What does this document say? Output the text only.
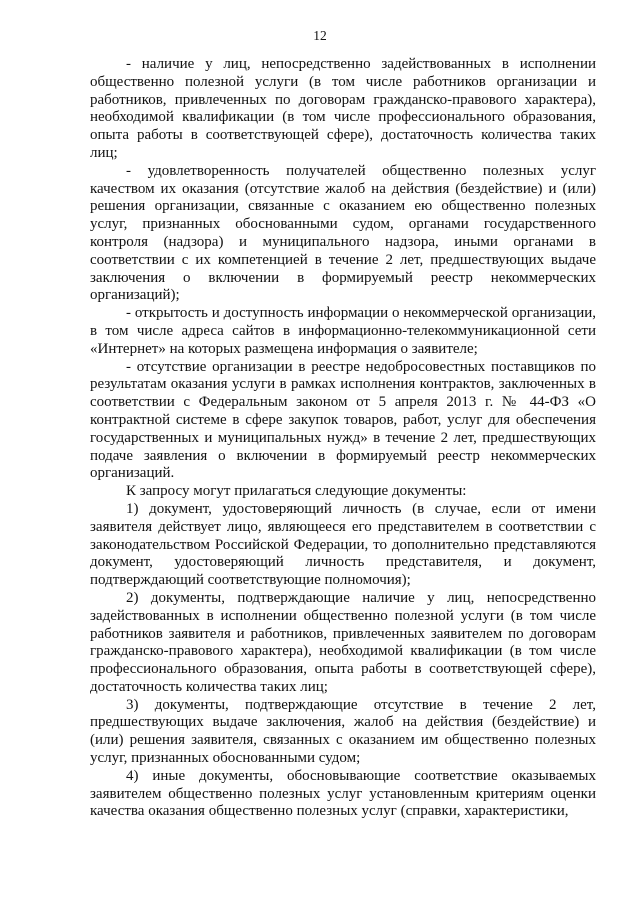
12

- наличие у лиц, непосредственно задействованных в исполнении общественно полезной услуги (в том числе работников организации и работников, привлеченных по договорам гражданско-правового характера), необходимой квалификации (в том числе профессионального образования, опыта работы в соответствующей сфере), достаточность количества таких лиц;

- удовлетворенность получателей общественно полезных услуг качеством их оказания (отсутствие жалоб на действия (бездействие) и (или) решения организации, связанные с оказанием ею общественно полезных услуг, признанных обоснованными судом, органами государственного контроля (надзора) и муниципального надзора, иными органами в соответствии с их компетенцией в течение 2 лет, предшествующих выдаче заключения о включении в формируемый реестр некоммерческих организаций);

- открытость и доступность информации о некоммерческой организации, в том числе адреса сайтов в информационно-телекоммуникационной сети «Интернет» на которых размещена информация о заявителе;

- отсутствие организации в реестре недобросовестных поставщиков по результатам оказания услуги в рамках исполнения контрактов, заключенных в соответствии с Федеральным законом от 5 апреля 2013 г. № 44-ФЗ «О контрактной системе в сфере закупок товаров, работ, услуг для обеспечения государственных и муниципальных нужд» в течение 2 лет, предшествующих подаче заявления о включении в формируемый реестр некоммерческих организаций.

К запросу могут прилагаться следующие документы:

1) документ, удостоверяющий личность (в случае, если от имени заявителя действует лицо, являющееся его представителем в соответствии с законодательством Российской Федерации, то дополнительно представляются документ, удостоверяющий личность представителя, и документ, подтверждающий соответствующие полномочия);

2) документы, подтверждающие наличие у лиц, непосредственно задействованных в исполнении общественно полезной услуги (в том числе работников заявителя и работников, привлеченных заявителем по договорам гражданско-правового характера), необходимой квалификации (в том числе профессионального образования, опыта работы в соответствующей сфере), достаточность количества таких лиц;

3) документы, подтверждающие отсутствие в течение 2 лет, предшествующих выдаче заключения, жалоб на действия (бездействие) и (или) решения заявителя, связанных с оказанием им общественно полезных услуг, признанных обоснованными судом;

4) иные документы, обосновывающие соответствие оказываемых заявителем общественно полезных услуг установленным критериям оценки качества оказания общественно полезных услуг (справки, характеристики,
